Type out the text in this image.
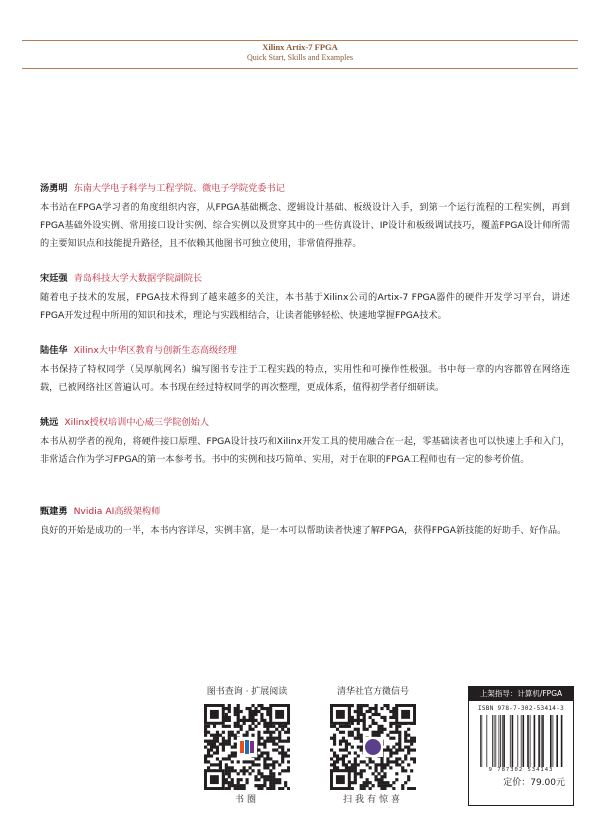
Xilinx Artix-7 FPGA
Quick Start, Skills and Examples
汤勇明 东南大学电子科学与工程学院、微电子学院党委书记
本书站在FPGA学习者的角度组织内容，从FPGA基础概念、逻辑设计基础、板级设计入手，到第一个运行流程的工程实例，再到FPGA基础外设实例、常用接口设计实例、综合实例以及贯穿其中的一些仿真设计、IP设计和板级调试技巧，覆盖FPGA设计师所需的主要知识点和技能提升路径，且不依赖其他图书可独立使用，非常值得推荐。
宋廷强 青岛科技大学大数据学院副院长
随着电子技术的发展，FPGA技术得到了越来越多的关注，本书基于Xilinx公司的Artix-7 FPGA器件的硬件开发学习平台，讲述FPGA开发过程中所用的知识和技术，理论与实践相结合，让读者能够轻松、快速地掌握FPGA技术。
陆佳华 Xilinx大中华区教育与创新生态高级经理
本书保持了特权同学（吴厚航网名）编写图书专注于工程实践的特点，实用性和可操作性极强。书中每一章的内容都曾在网络连载，已被网络社区普遍认可。本书现在经过特权同学的再次整理，更成体系，值得初学者仔细研读。
姚远 Xilinx授权培训中心威三学院创始人
本书从初学者的视角，将硬件接口原理、FPGA设计技巧和Xilinx开发工具的使用融合在一起，零基础读者也可以快速上手和入门，非常适合作为学习FPGA的第一本参考书。书中的实例和技巧简单、实用，对于在职的FPGA工程师也有一定的参考价值。
甄建勇 Nvidia AI高级架构师
良好的开始是成功的一半，本书内容详尽，实例丰富，是一本可以帮助读者快速了解FPGA，获得FPGA新技能的好助手、好作品。
图书查询 · 扩展阅读
书圈
清华社官方微信号
扫我有惊喜
上架指导：计算机/FPGA
ISBN 978-7-302-53414-3
9 787302 534143
定价：79.00元
